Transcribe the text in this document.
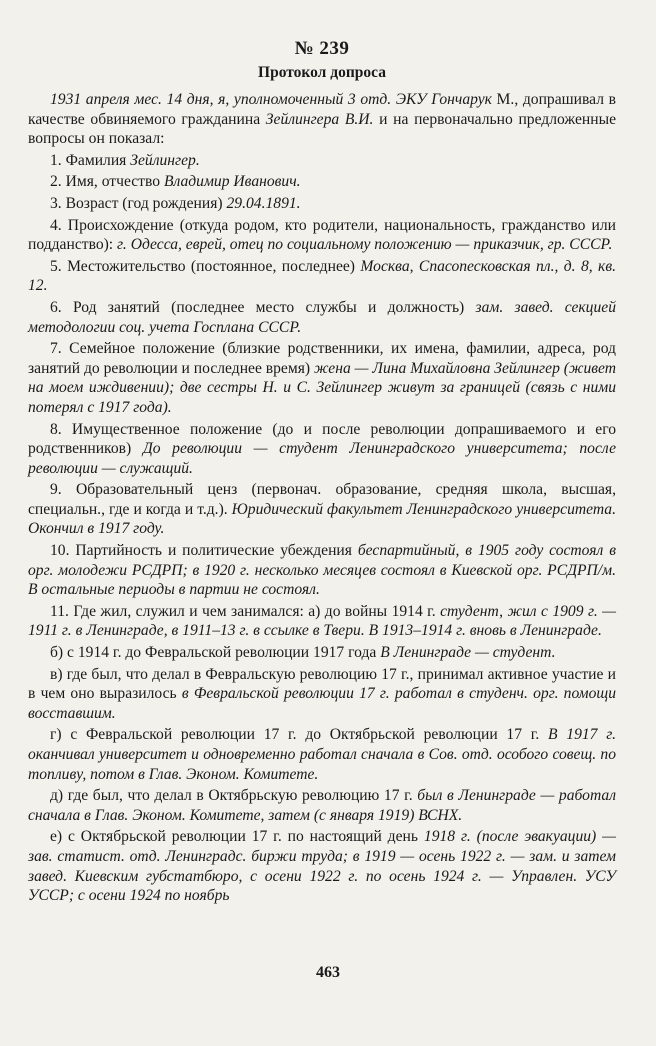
№ 239
Протокол допроса

1931 апреля мес. 14 дня, я, уполномоченный 3 отд. ЭКУ Гончарук М., допрашивал в качестве обвиняемого гражданина Зейлингера В.И. и на первоначально предложенные вопросы он показал:

1. Фамилия Зейлингер.

2. Имя, отчество Владимир Иванович.

3. Возраст (год рождения) 29.04.1891.

4. Происхождение (откуда родом, кто родители, национальность, гражданство или подданство): г. Одесса, еврей, отец по социальному положению — приказчик, гр. СССР.

5. Местожительство (постоянное, последнее) Москва, Спасопесковская пл., д. 8, кв. 12.

6. Род занятий (последнее место службы и должность) зам. завед. секцией методологии соц. учета Госплана СССР.

7. Семейное положение (близкие родственники, их имена, фамилии, адреса, род занятий до революции и последнее время) жена — Лина Михайловна Зейлингер (живет на моем иждивении); две сестры Н. и С. Зейлингер живут за границей (связь с ними потерял с 1917 года).

8. Имущественное положение (до и после революции допрашиваемого и его родственников) До революции — студент Ленинградского университета; после революции — служащий.

9. Образовательный ценз (первонач. образование, средняя школа, высшая, специальн., где и когда и т.д.). Юридический факультет Ленинградского университета. Окончил в 1917 году.

10. Партийность и политические убеждения беспартийный, в 1905 году состоял в орг. молодежи РСДРП; в 1920 г. несколько месяцев состоял в Киевской орг. РСДРП/м. В остальные периоды в партии не состоял.

11. Где жил, служил и чем занимался: а) до войны 1914 г. студент, жил с 1909 г. — 1911 г. в Ленинграде, в 1911–13 г. в ссылке в Твери. В 1913–1914 г. вновь в Ленинграде.

б) с 1914 г. до Февральской революции 1917 года В Ленинграде — студент.

в) где был, что делал в Февральскую революцию 17 г., принимал активное участие и в чем оно выразилось в Февральской революции 17 г. работал в студенч. орг. помощи восставшим.

г) с Февральской революции 17 г. до Октябрьской революции 17 г. В 1917 г. оканчивал университет и одновременно работал сначала в Сов. отд. особого совещ. по топливу, потом в Глав. Эконом. Комитете.

д) где был, что делал в Октябрьскую революцию 17 г. был в Ленинграде — работал сначала в Глав. Эконом. Комитете, затем (с января 1919) ВСНХ.

е) с Октябрьской революции 17 г. по настоящий день 1918 г. (после эвакуации) — зав. статист. отд. Ленинградс. биржи труда; в 1919 — осень 1922 г. — зам. и затем завед. Киевским губстатбюро, с осени 1922 г. по осень 1924 г. — Управлен. УСУ УССР; с осени 1924 по ноябрь

463
